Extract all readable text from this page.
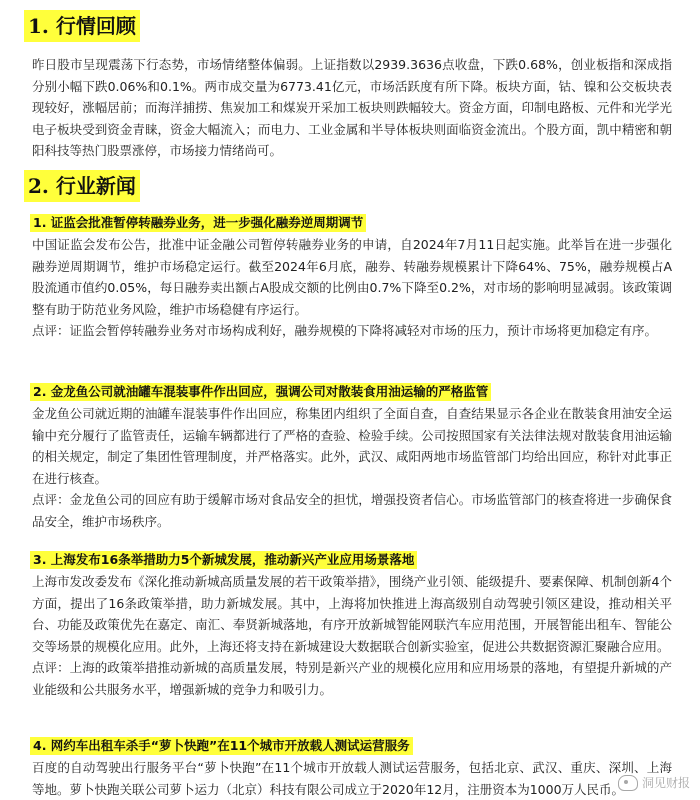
1. 行情回顾

昨日股市呈现震荡下行态势，市场情绪整体偏弱。上证指数以2939.3636点收盘，下跌0.68%，创业板指和深成指分别小幅下跌0.06%和0.1%。两市成交量为6773.41亿元，市场活跃度有所下降。板块方面，钴、镍和公交板块表现较好，涨幅居前；而海洋捕捞、焦炭加工和煤炭开采加工板块则跌幅较大。资金方面，印制电路板、元件和光学光电子板块受到资金青睐，资金大幅流入；而电力、工业金属和半导体板块则面临资金流出。个股方面，凯中精密和朝阳科技等热门股票涨停，市场接力情绪尚可。

2. 行业新闻
1. 证监会批准暂停转融券业务，进一步强化融券逆周期调节

中国证监会发布公告，批准中证金融公司暂停转融券业务的申请，自2024年7月11日起实施。此举旨在进一步强化融券逆周期调节，维护市场稳定运行。截至2024年6月底，融券、转融券规模累计下降64%、75%，融券规模占A股流通市值约0.05%，每日融券卖出额占A股成交额的比例由0.7%下降至0.2%，对市场的影响明显减弱。该政策调整有助于防范业务风险，维护市场稳健有序运行。

点评：证监会暂停转融券业务对市场构成利好，融券规模的下降将减轻对市场的压力，预计市场将更加稳定有序。

2. 金龙鱼公司就油罐车混装事件作出回应，强调公司对散装食用油运输的严格监管

金龙鱼公司就近期的油罐车混装事件作出回应，称集团内组织了全面自查，自查结果显示各企业在散装食用油安全运输中充分履行了监管责任，运输车辆都进行了严格的查验、检验手续。公司按照国家有关法律法规对散装食用油运输的相关规定，制定了集团性管理制度，并严格落实。此外，武汉、咸阳两地市场监管部门均给出回应，称针对此事正在进行核查。

点评：金龙鱼公司的回应有助于缓解市场对食品安全的担忧，增强投资者信心。市场监管部门的核查将进一步确保食品安全，维护市场秩序。

3. 上海发布16条举措助力5个新城发展，推动新兴产业应用场景落地

上海市发改委发布《深化推动新城高质量发展的若干政策举措》，围绕产业引领、能级提升、要素保障、机制创新4个方面，提出了16条政策举措，助力新城发展。其中，上海将加快推进上海高级别自动驾驶引领区建设，推动相关平台、功能及政策优先在嘉定、南汇、奉贤新城落地，有序开放新城智能网联汽车应用范围，开展智能出租车、智能公交等场景的规模化应用。此外，上海还将支持在新城建设大数据联合创新实验室，促进公共数据资源汇聚融合应用。

点评：上海的政策举措推动新城的高质量发展，特别是新兴产业的规模化应用和应用场景的落地，有望提升新城的产业能级和公共服务水平，增强新城的竞争力和吸引力。

4. 网约车出租车杀手“萝卜快跑”在11个城市开放载人测试运营服务

百度的自动驾驶出行服务平台“萝卜快跑”在11个城市开放载人测试运营服务，包括北京、武汉、重庆、深圳、上海等地。萝卜快跑关联公司萝卜运力（北京）科技有限公司成立于2020年12月，注册资本为1000万人民币。	洞见财报
